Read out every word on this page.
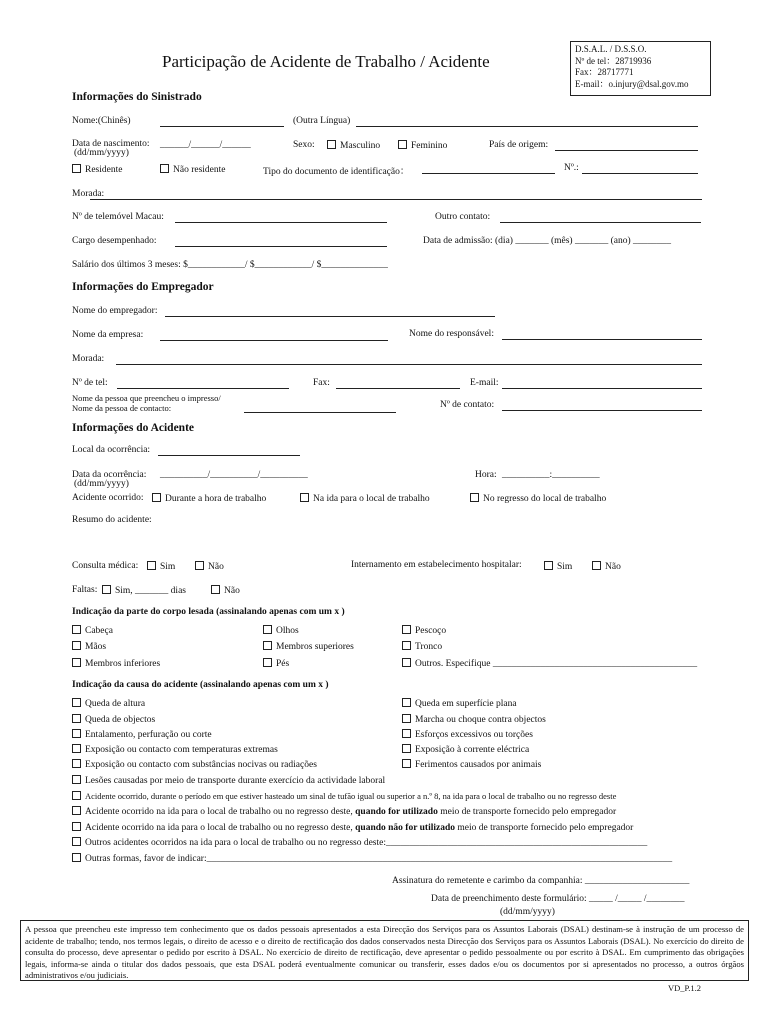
Participação de Acidente de Trabalho / Acidente
D.S.A.L. / D.S.S.O.
Nº de tel：28719936
Fax：28717771
E-mail：o.injury@dsal.gov.mo
Informações do Sinistrado
Nome:(Chinês)	(Outra Língua)
Data de nascimento: ______/______/______
(dd/mm/yyyy)
Sexo:	Masculino	Feminino	País de origem:
Residente	Não residente	Tipo do documento de identificação：	Nº.:
Morada:
Nº de telemóvel Macau:	Outro contato:
Cargo desempenhado:	Data de admissão: (dia) _______ (mês) _______ (ano) ________
Salário dos últimos 3 meses: $____________/ $____________/ $______________
Informações do Empregador
Nome do empregador:
Nome da empresa:	Nome do responsável:
Morada:
Nº de tel:	Fax:	E-mail:
Nome da pessoa que preencheu o impresso/
Nome da pessoa de contacto:	Nº de contato:
Informações do Acidente
Local da ocorrência:
Data da ocorrência: __________/__________/__________
(dd/mm/yyyy)
Hora: __________:__________
Acidente ocorrido:	Durante a hora de trabalho	Na ida para o local de trabalho	No regresso do local de trabalho
Resumo do acidente:
Consulta médica:	Sim	Não	Internamento em estabelecimento hospitalar:	Sim	Não
Faltas:	Sim, _______ dias	Não
Indicação da parte do corpo lesada (assinalando apenas com um x )
Cabeça	Olhos	Pescoço
Mãos	Membros superiores	Tronco
Membros inferiores	Pés	Outros. Especifique ___________________________________________
Indicação da causa do acidente (assinalando apenas com um x )
Queda de altura	Queda em superfície plana
Queda de objectos	Marcha ou choque contra objectos
Entalamento, perfuração ou corte	Esforços excessivos ou torções
Exposição ou contacto com temperaturas extremas	Exposição à corrente eléctrica
Exposição ou contacto com substâncias nocivas ou radiações	Ferimentos causados por animais
Lesões causadas por meio de transporte durante exercício da actividade laboral
Acidente ocorrido, durante o período em que estiver hasteado um sinal de tufão igual ou superior a n.º 8, na ida para o local de trabalho ou no regresso deste
Acidente ocorrido na ida para o local de trabalho ou no regresso deste, quando for utilizado meio de transporte fornecido pelo empregador
Acidente ocorrido na ida para o local de trabalho ou no regresso deste, quando não for utilizado meio de transporte fornecido pelo empregador
Outros acidentes ocorridos na ida para o local de trabalho ou no regresso deste:_______________________________________________________
Outras formas, favor de indicar:__________________________________________________________________________________________________
Assinatura do remetente e carimbo da companhia: ______________________
Data de preenchimento deste formulário: _____ /_____ /________
(dd/mm/yyyy)
A pessoa que preencheu este impresso tem conhecimento que os dados pessoais apresentados a esta Direcção dos Serviços para os Assuntos Laborais (DSAL) destinam-se à instrução de um processo de acidente de trabalho; tendo, nos termos legais, o direito de acesso e o direito de rectificação dos dados conservados nesta Direcção dos Serviços para os Assuntos Laborais (DSAL). No exercício do direito de consulta do processo, deve apresentar o pedido por escrito à DSAL. No exercício de direito de rectificação, deve apresentar o pedido pessoalmente ou por escrito à DSAL. Em cumprimento das obrigações legais, informa-se ainda o titular dos dados pessoais, que esta DSAL poderá eventualmente comunicar ou transferir, esses dados e/ou os documentos por si apresentados no processo, a outros órgãos administrativos e/ou judiciais.
VD_P.1.2
